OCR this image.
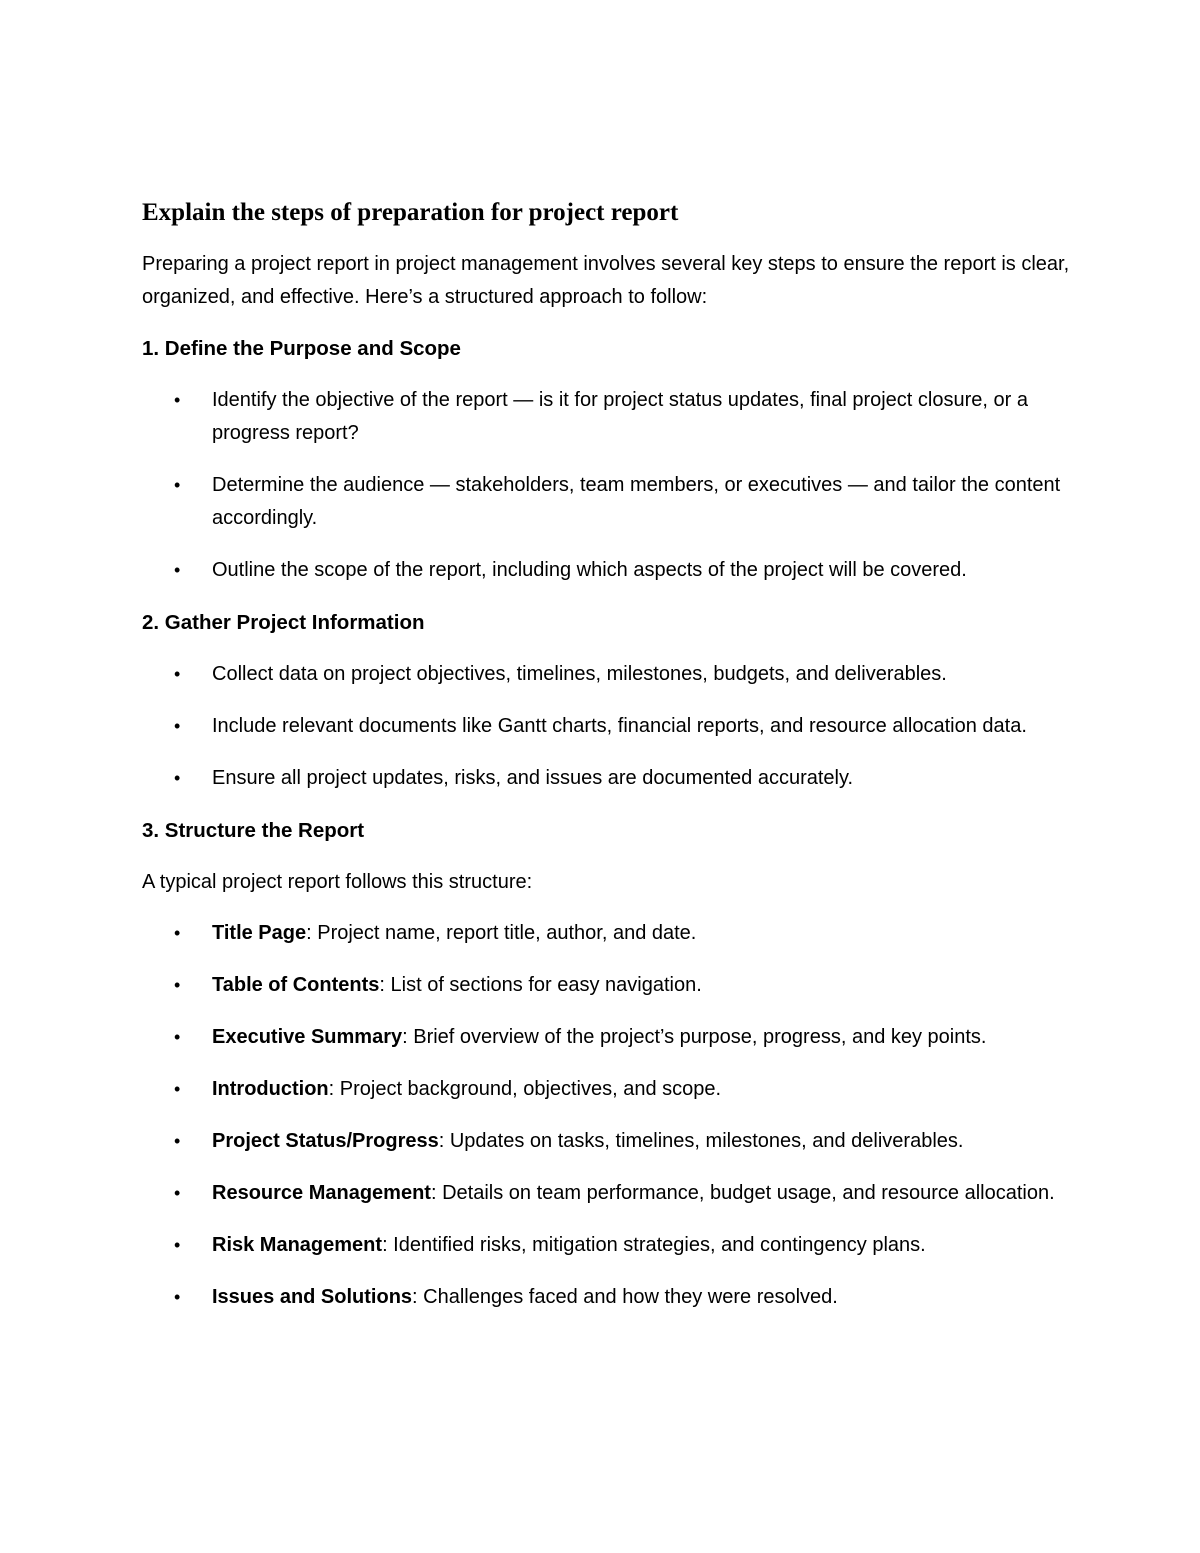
Explain the steps of preparation for project report

Preparing a project report in project management involves several key steps to ensure the report is clear, organized, and effective. Here’s a structured approach to follow:

1. Define the Purpose and Scope
• Identify the objective of the report — is it for project status updates, final project closure, or a progress report?
• Determine the audience — stakeholders, team members, or executives — and tailor the content accordingly.
• Outline the scope of the report, including which aspects of the project will be covered.
2. Gather Project Information
• Collect data on project objectives, timelines, milestones, budgets, and deliverables.
• Include relevant documents like Gantt charts, financial reports, and resource allocation data.
• Ensure all project updates, risks, and issues are documented accurately.
3. Structure the Report

A typical project report follows this structure:

• Title Page: Project name, report title, author, and date.
• Table of Contents: List of sections for easy navigation.
• Executive Summary: Brief overview of the project’s purpose, progress, and key points.
• Introduction: Project background, objectives, and scope.
• Project Status/Progress: Updates on tasks, timelines, milestones, and deliverables.
• Resource Management: Details on team performance, budget usage, and resource allocation.
• Risk Management: Identified risks, mitigation strategies, and contingency plans.
• Issues and Solutions: Challenges faced and how they were resolved.
